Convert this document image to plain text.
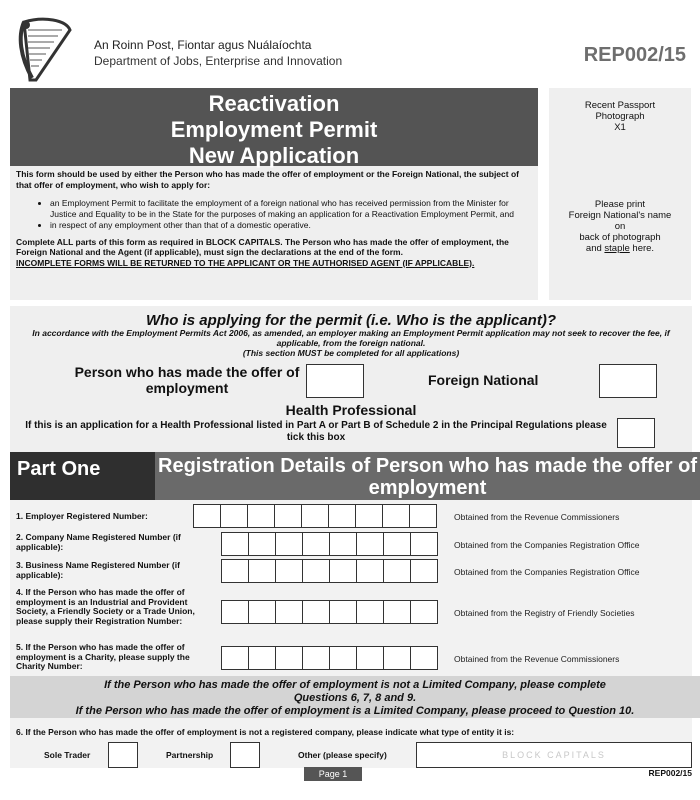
An Roinn Post, Fiontar agus Nuálaíochta
Department of Jobs, Enterprise and Innovation	REP002/15
Reactivation
Employment Permit
New Application
This form should be used by either the Person who has made the offer of employment or the Foreign National, the subject of that offer of employment, who wish to apply for:
• an Employment Permit to facilitate the employment of a foreign national who has received permission from the Minister for Justice and Equality to be in the State for the purposes of making an application for a Reactivation Employment Permit, and
• in respect of any employment other than that of a domestic operative.
Complete ALL parts of this form as required in BLOCK CAPITALS. The Person who has made the offer of employment, the Foreign National and the Agent (if applicable), must sign the declarations at the end of the form.
INCOMPLETE FORMS WILL BE RETURNED TO THE APPLICANT OR THE AUTHORISED AGENT (IF APPLICABLE).
Recent Passport
Photograph
X1
Please print
Foreign National's name
on
back of photograph
and staple here.
Who is applying for the permit (i.e. Who is the applicant)?
In accordance with the Employment Permits Act 2006, as amended, an employer making an Employment Permit application may not seek to recover the fee, if applicable, from the foreign national.
(This section MUST be completed for all applications)
Person who has made the offer of employment	Foreign National
Health Professional
If this is an application for a Health Professional listed in Part A or Part B of Schedule 2 in the Principal Regulations please tick this box
Part One	Registration Details of Person who has made the offer of employment
1. Employer Registered Number:	Obtained from the Revenue Commissioners
2. Company Name Registered Number (if applicable):	Obtained from the Companies Registration Office
3. Business Name Registered Number (if applicable):	Obtained from the Companies Registration Office
4. If the Person who has made the offer of employment is an Industrial and Provident Society, a Friendly Society or a Trade Union, please supply their Registration Number:
Obtained from the Registry of Friendly Societies
5. If the Person who has made the offer of employment is a Charity, please supply the Charity Number:
Obtained from the Revenue Commissioners
If the Person who has made the offer of employment is not a Limited Company, please complete Questions 6, 7, 8 and 9.
If the Person who has made the offer of employment is a Limited Company, please proceed to Question 10.
6. If the Person who has made the offer of employment is not a registered company, please indicate what type of entity it is:
Sole Trader	Partnership	Other (please specify)
BLOCK CAPITALS
Page 1	REP002/15
